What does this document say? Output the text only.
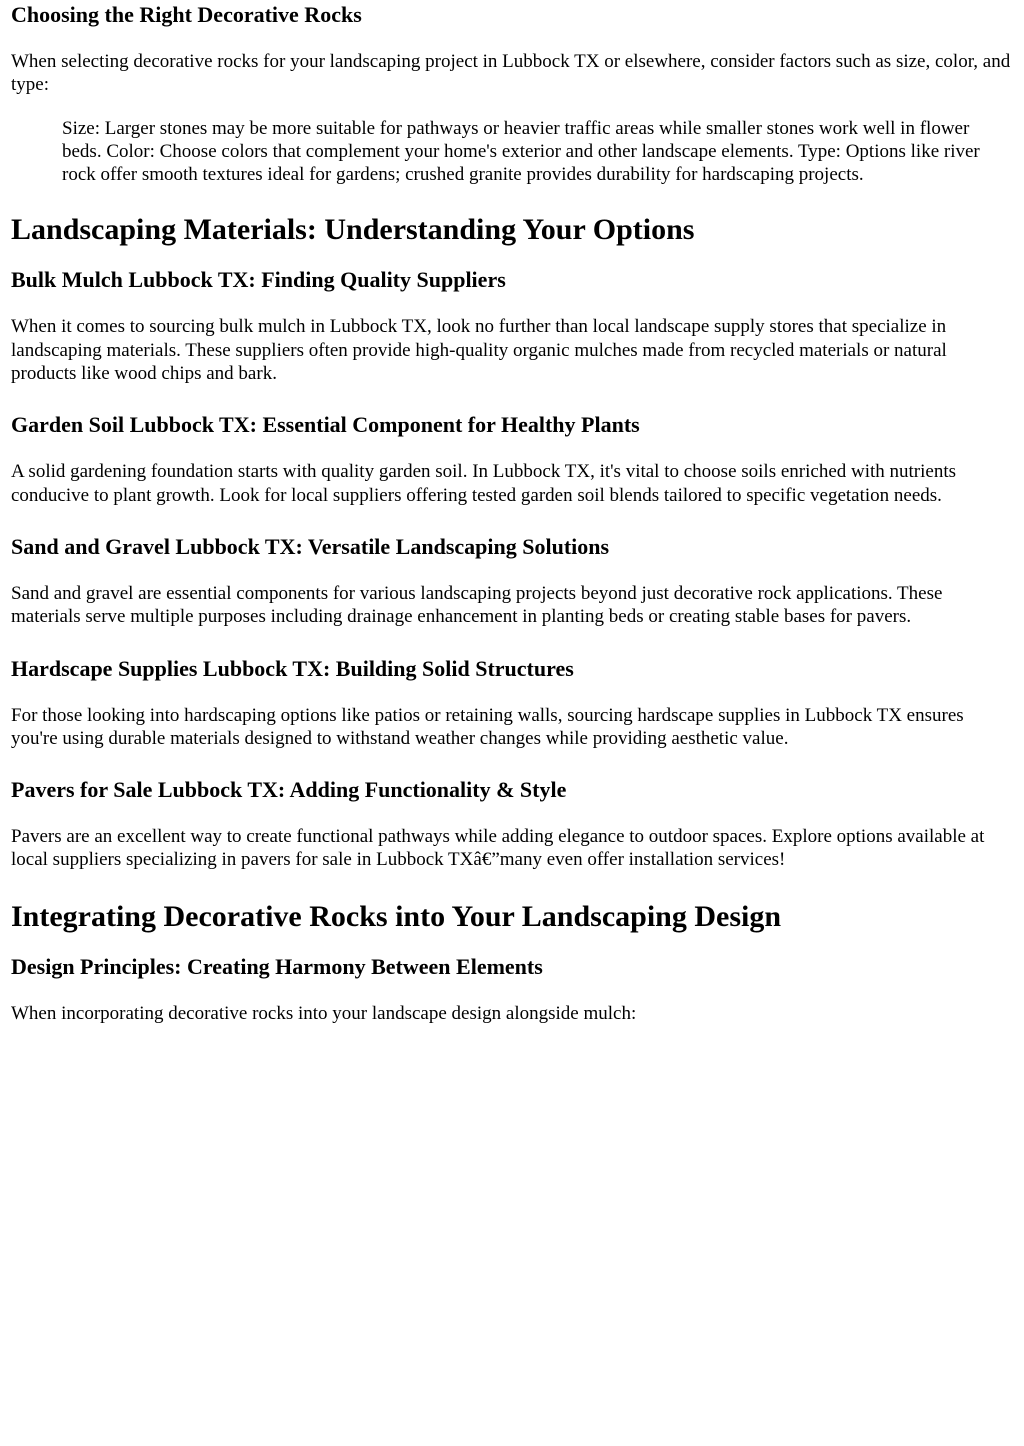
Choosing the Right Decorative Rocks

When selecting decorative rocks for your landscaping project in Lubbock TX or elsewhere, consider factors such as size, color, and type:

Size: Larger stones may be more suitable for pathways or heavier traffic areas while smaller stones work well in flower beds. Color: Choose colors that complement your home's exterior and other landscape elements. Type: Options like river rock offer smooth textures ideal for gardens; crushed granite provides durability for hardscaping projects.
Landscaping Materials: Understanding Your Options
Bulk Mulch Lubbock TX: Finding Quality Suppliers

When it comes to sourcing bulk mulch in Lubbock TX, look no further than local landscape supply stores that specialize in landscaping materials. These suppliers often provide high-quality organic mulches made from recycled materials or natural products like wood chips and bark.

Garden Soil Lubbock TX: Essential Component for Healthy Plants

A solid gardening foundation starts with quality garden soil. In Lubbock TX, it's vital to choose soils enriched with nutrients conducive to plant growth. Look for local suppliers offering tested garden soil blends tailored to specific vegetation needs.

Sand and Gravel Lubbock TX: Versatile Landscaping Solutions

Sand and gravel are essential components for various landscaping projects beyond just decorative rock applications. These materials serve multiple purposes including drainage enhancement in planting beds or creating stable bases for pavers.

Hardscape Supplies Lubbock TX: Building Solid Structures

For those looking into hardscaping options like patios or retaining walls, sourcing hardscape supplies in Lubbock TX ensures you're using durable materials designed to withstand weather changes while providing aesthetic value.

Pavers for Sale Lubbock TX: Adding Functionality & Style

Pavers are an excellent way to create functional pathways while adding elegance to outdoor spaces. Explore options available at local suppliers specializing in pavers for sale in Lubbock TXâ€”many even offer installation services!

Integrating Decorative Rocks into Your Landscaping Design
Design Principles: Creating Harmony Between Elements

When incorporating decorative rocks into your landscape design alongside mulch:
